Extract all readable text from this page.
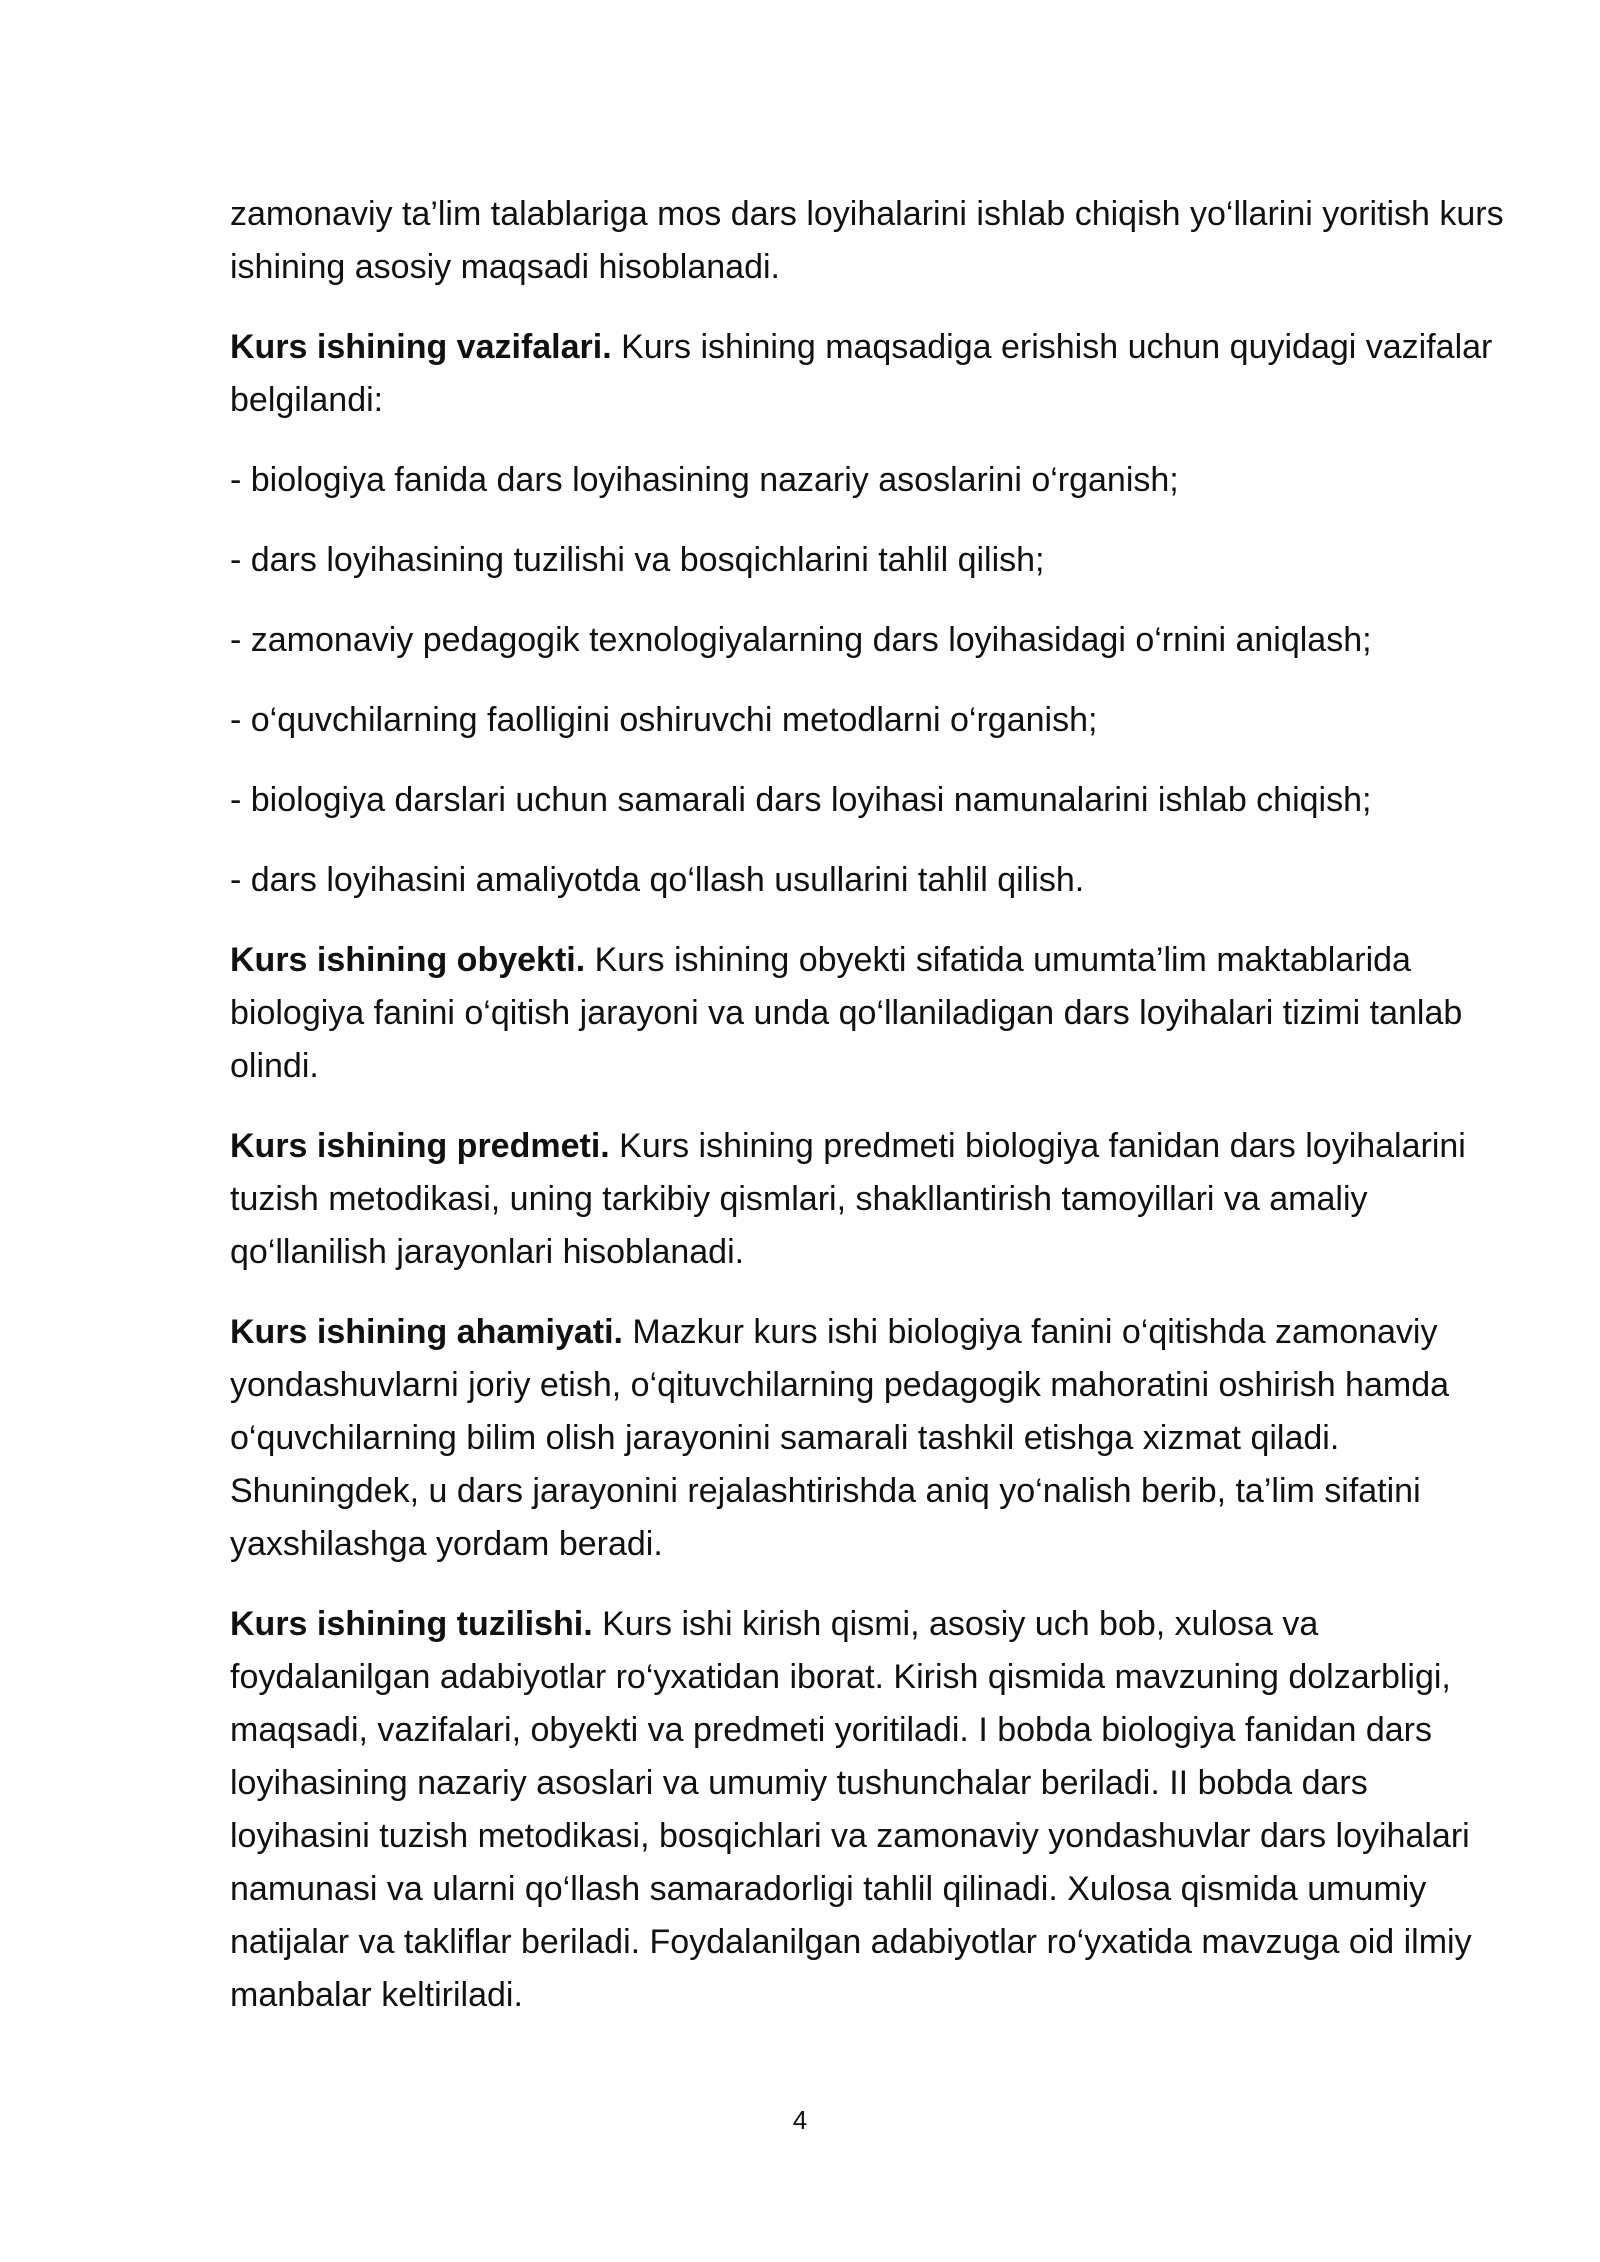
zamonaviy ta’lim talablariga mos dars loyihalarini ishlab chiqish yo‘llarini yoritish kurs ishining asosiy maqsadi hisoblanadi.

Kurs ishining vazifalari. Kurs ishining maqsadiga erishish uchun quyidagi vazifalar belgilandi:

- biologiya fanida dars loyihasining nazariy asoslarini o‘rganish;

- dars loyihasining tuzilishi va bosqichlarini tahlil qilish;

- zamonaviy pedagogik texnologiyalarning dars loyihasidagi o‘rnini aniqlash;

- o‘quvchilarning faolligini oshiruvchi metodlarni o‘rganish;

- biologiya darslari uchun samarali dars loyihasi namunalarini ishlab chiqish;

- dars loyihasini amaliyotda qo‘llash usullarini tahlil qilish.

Kurs ishining obyekti. Kurs ishining obyekti sifatida umumta’lim maktablarida biologiya fanini o‘qitish jarayoni va unda qo‘llaniladigan dars loyihalari tizimi tanlab olindi.

Kurs ishining predmeti. Kurs ishining predmeti biologiya fanidan dars loyihalarini tuzish metodikasi, uning tarkibiy qismlari, shakllantirish tamoyillari va amaliy qo‘llanilish jarayonlari hisoblanadi.

Kurs ishining ahamiyati. Mazkur kurs ishi biologiya fanini o‘qitishda zamonaviy yondashuvlarni joriy etish, o‘qituvchilarning pedagogik mahoratini oshirish hamda o‘quvchilarning bilim olish jarayonini samarali tashkil etishga xizmat qiladi. Shuningdek, u dars jarayonini rejalashtirishda aniq yo‘nalish berib, ta’lim sifatini yaxshilashga yordam beradi.

Kurs ishining tuzilishi. Kurs ishi kirish qismi, asosiy uch bob, xulosa va foydalanilgan adabiyotlar ro‘yxatidan iborat. Kirish qismida mavzuning dolzarbligi, maqsadi, vazifalari, obyekti va predmeti yoritiladi. I bobda biologiya fanidan dars loyihasining nazariy asoslari va umumiy tushunchalar beriladi. II bobda dars loyihasini tuzish metodikasi, bosqichlari va zamonaviy yondashuvlar dars loyihalari namunasi va ularni qo‘llash samaradorligi tahlil qilinadi. Xulosa qismida umumiy natijalar va takliflar beriladi. Foydalanilgan adabiyotlar ro‘yxatida mavzuga oid ilmiy manbalar keltiriladi.

4
